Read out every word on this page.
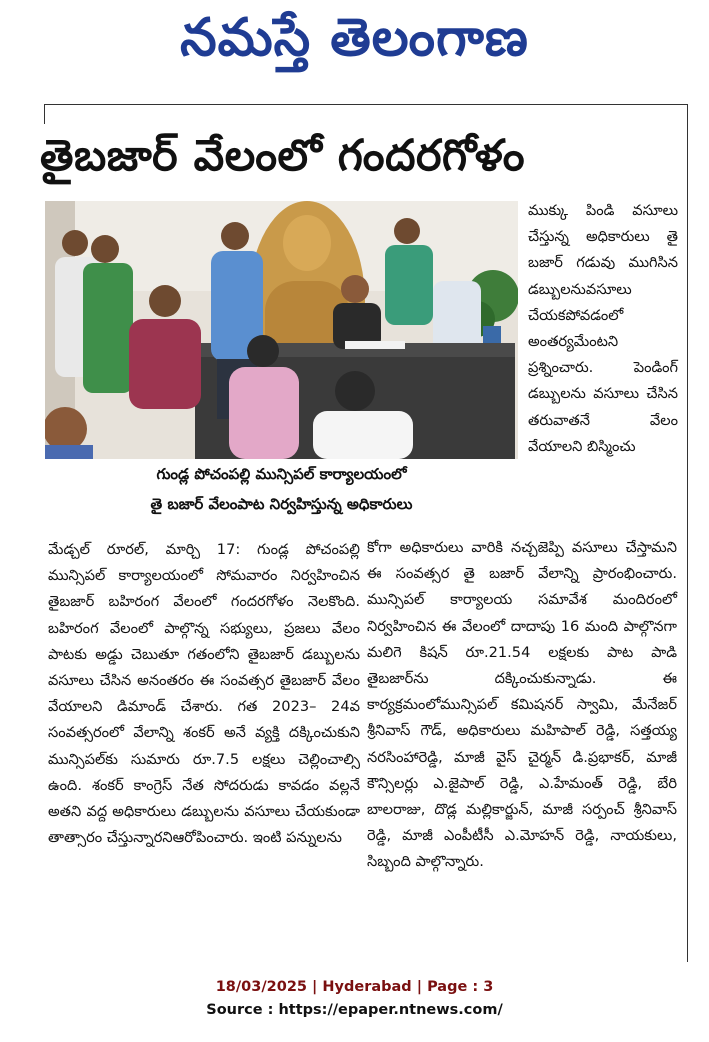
నమస్తే తెలంగాణ
తైబజార్ వేలంలో గందరగోళం
గుండ్ల పోచంపల్లి మున్సిపల్ కార్యాలయంలో
తై బజార్ వేలంపాట నిర్వహిస్తున్న అధికారులు

ముక్కు పిండి వసూలు చేస్తున్న అధికారులు తై బజార్ గడువు ముగిసిన డబ్బులనువసూలు చేయకపోవడంలో అంతర్యమేంటని ప్రశ్నించారు. పెండింగ్ డబ్బులను వసూలు చేసిన తరువాతనే వేలం వేయాలని బిస్మించు

మేడ్చల్ రూరల్, మార్చి 17: గుండ్ల పోచంపల్లి మున్సిపల్ కార్యాలయంలో సోమవారం నిర్వహించిన తైబజార్ బహిరంగ వేలంలో గందరగోళం నెలకొంది. బహిరంగ వేలంలో పాల్గొన్న సభ్యులు, ప్రజలు వేలం పాటకు అడ్డు చెబుతూ గతంలోని తైబజార్ డబ్బులను వసూలు చేసిన అనంతరం ఈ సంవత్సర తైబజార్ వేలం వేయాలని డిమాండ్ చేశారు. గత 2023– 24వ సంవత్సరంలో వేలాన్ని శంకర్ అనే వ్యక్తి దక్కించుకుని మున్సిపల్‌కు సుమారు రూ.7.5 లక్షలు చెల్లించాల్సి ఉంది. శంకర్ కాంగ్రెస్ నేత సోదరుడు కావడం వల్లనే అతని వద్ద అధికారులు డబ్బులను వసూలు చేయకుండా తాత్సారం చేస్తున్నారనిఆరోపించారు. ఇంటి పన్నులను

కోగా అధికారులు వారికి నచ్చజెప్పి వసూలు చేస్తామని ఈ సంవత్సర తై బజార్ వేలాన్ని ప్రారంభించారు. మున్సిపల్ కార్యాలయ సమావేశ మందిరంలో నిర్వహించిన ఈ వేలంలో దాదాపు 16 మంది పాల్గొనగా మలిగె కిషన్ రూ.21.54 లక్షలకు పాట పాడి తైబజార్‌ను దక్కించుకున్నాడు. ఈ కార్యక్రమంలోమున్సిపల్ కమిషనర్ స్వామి, మేనేజర్ శ్రీనివాస్ గౌడ్, అధికారులు మహిపాల్ రెడ్డి, సత్తయ్య నరసింహారెడ్డి, మాజీ వైస్ చైర్మన్ డి.ప్రభాకర్, మాజీ కౌన్సిలర్లు ఎ.జైపాల్ రెడ్డి, ఎ.హేమంత్ రెడ్డి, బేరి బాలరాజు, దొడ్ల మల్లికార్జున్, మాజీ సర్పంచ్ శ్రీనివాస్ రెడ్డి, మాజీ ఎంపీటీసీ ఎ.మోహన్ రెడ్డి, నాయకులు, సిబ్బంది పాల్గొన్నారు.

18/03/2025 | Hyderabad | Page : 3
Source : https://epaper.ntnews.com/
